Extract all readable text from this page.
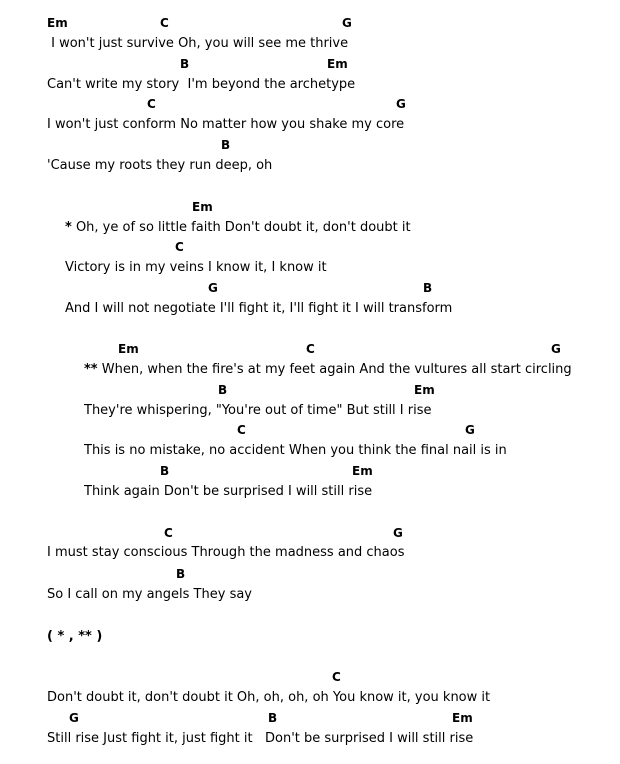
Em	C	G
I won't just survive Oh, you will see me thrive
B	Em
Can't write my story  I'm beyond the archetype
C	G
I won't just conform No matter how you shake my core
B
'Cause my roots they run deep, oh
Em
* Oh, ye of so little faith Don't doubt it, don't doubt it
C
Victory is in my veins I know it, I know it
G	B
And I will not negotiate I'll fight it, I'll fight it I will transform
Em	C	G
** When, when the fire's at my feet again And the vultures all start circling
B	Em
They're whispering, "You're out of time" But still I rise
C	G
This is no mistake, no accident When you think the final nail is in
B	Em
Think again Don't be surprised I will still rise
C	G
I must stay conscious Through the madness and chaos
B
So I call on my angels They say
( * , ** )
C
Don't doubt it, don't doubt it Oh, oh, oh, oh You know it, you know it
G	B	Em
Still rise Just fight it, just fight it   Don't be surprised I will still rise
